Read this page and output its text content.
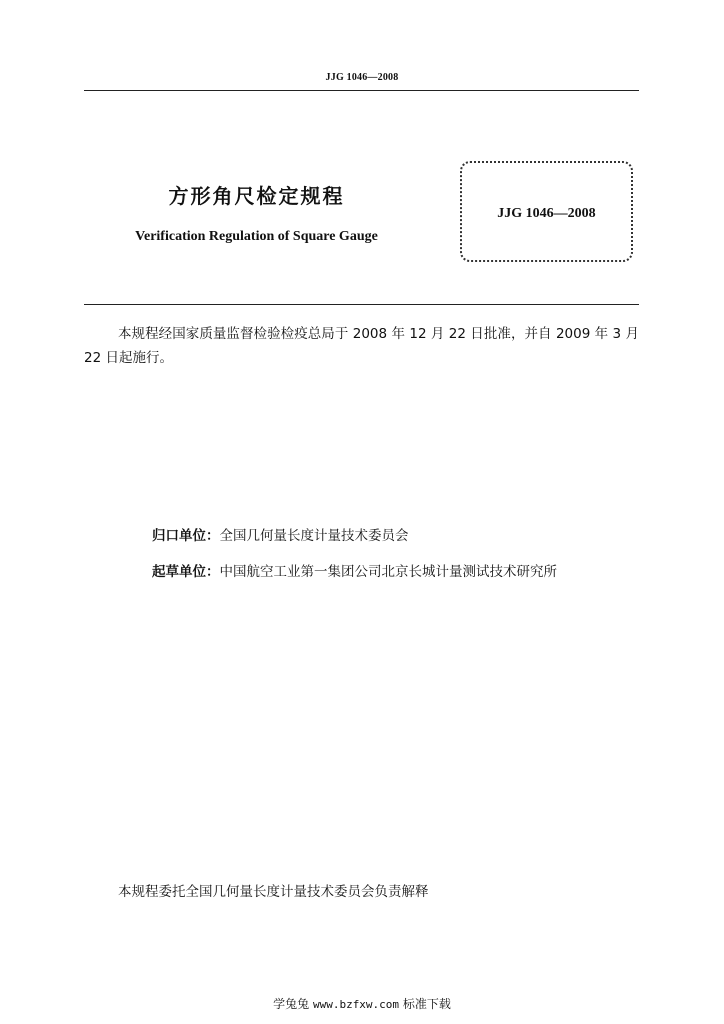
JJG 1046—2008
方形角尺检定规程
Verification Regulation of Square Gauge
JJG 1046—2008
本规程经国家质量监督检验检疫总局于 2008 年 12 月 22 日批准，并自 2009 年 3 月 22 日起施行。
归口单位：全国几何量长度计量技术委员会
起草单位：中国航空工业第一集团公司北京长城计量测试技术研究所
本规程委托全国几何量长度计量技术委员会负责解释
学兔兔 www.bzfxw.com 标准下载
